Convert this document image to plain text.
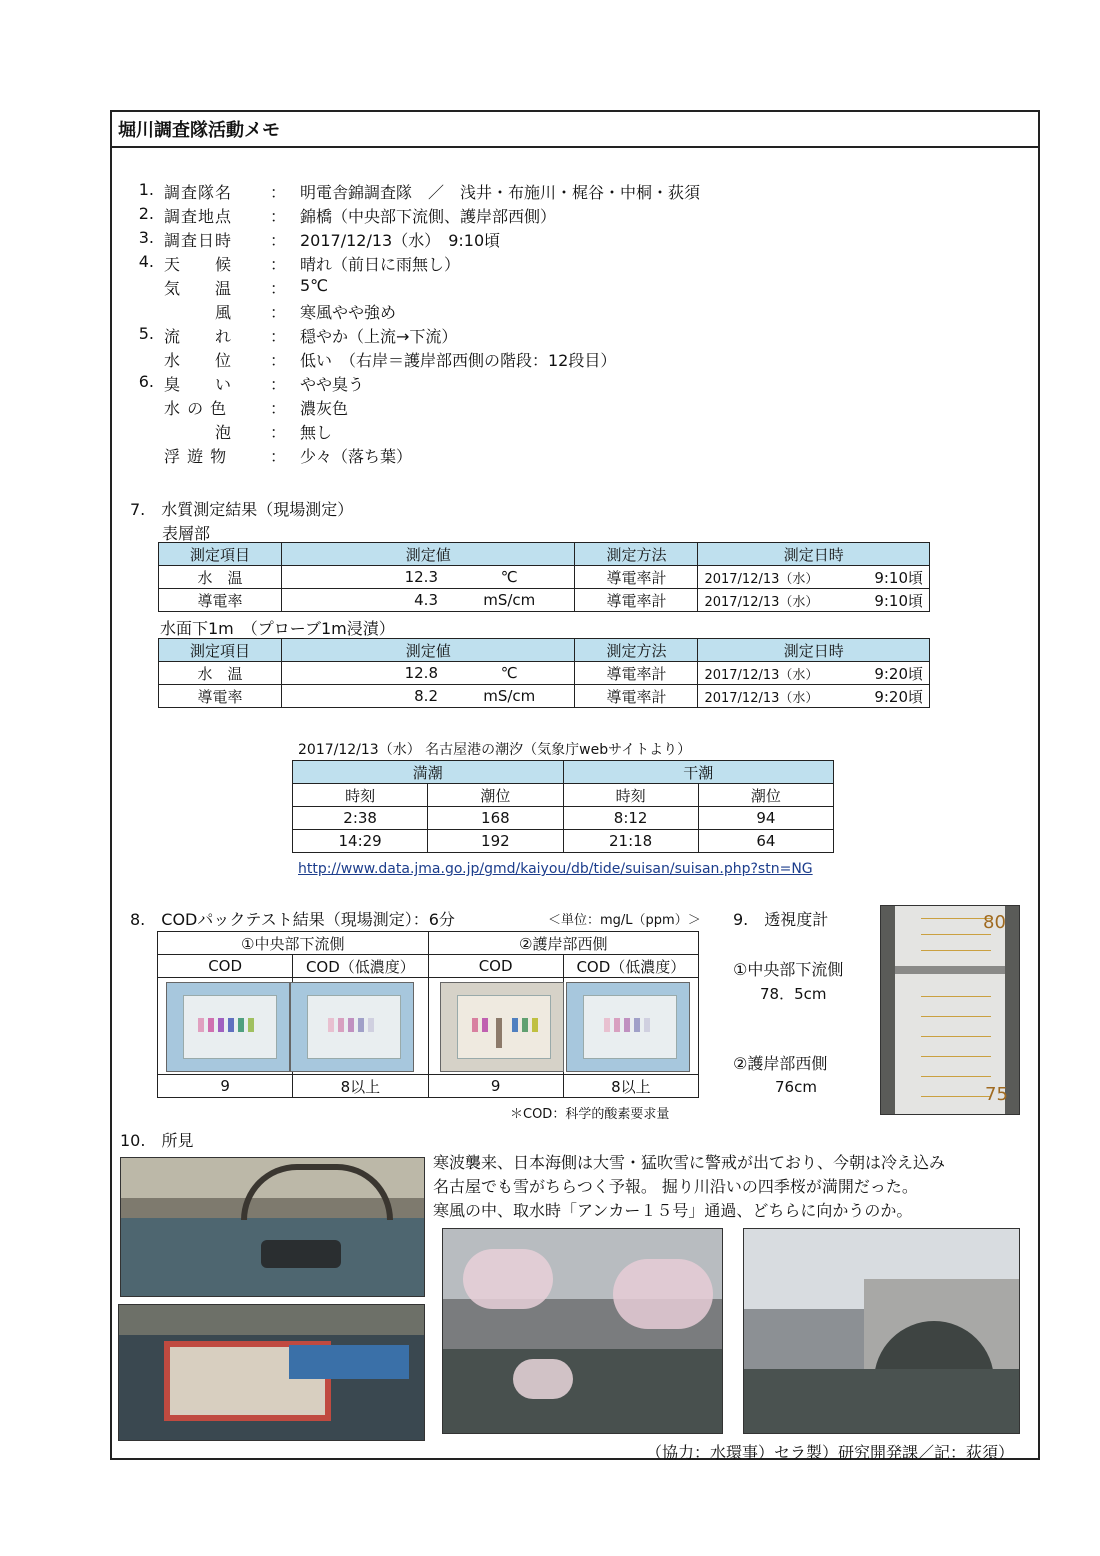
堀川調査隊活動メモ
1. 調査隊名	： 明電舎錦調査隊　／　浅井・布施川・梶谷・中桐・荻須
2. 調査地点	： 錦橋（中央部下流側、護岸部西側）
3. 調査日時	： 2017/12/13（水）　9:10頃
4. 天　　候	： 晴れ（前日に雨無し）
気　　温	： 5℃
　　　風	： 寒風やや強め
5. 流　　れ	： 穏やか（上流→下流）
水　　位	： 低い　（右岸＝護岸部西側の階段：12段目）
6. 臭　　い	： やや臭う
水 の 色	： 濃灰色
　　　泡	： 無し
浮 遊 物	： 少々（落ち葉）
7.　水質測定結果（現場測定）
表層部
測定項目	測定値		測定方法	測定日時	
水　温	12.3	℃	導電率計	2017/12/13（水）	9:10頃
導電率	4.3	mS/cm	導電率計	2017/12/13（水）	9:10頃
水面下1m　（プローブ1m浸漬）
測定項目	測定値		測定方法	測定日時	
水　温	12.8	℃	導電率計	2017/12/13（水）	9:20頃
導電率	8.2	mS/cm	導電率計	2017/12/13（水）	9:20頃
2017/12/13（水） 名古屋港の潮汐（気象庁webサイトより）
満潮		干潮	
時刻	潮位	時刻	潮位
2:38	168	8:12	94
14:29	192	21:18	64
http://www.data.jma.go.jp/gmd/kaiyou/db/tide/suisan/suisan.php?stn=NG
8.　CODパックテスト結果（現場測定）：6分	＜単位：mg/L（ppm）＞
①中央部下流側		②護岸部西側	
COD	COD（低濃度）	COD	COD（低濃度）

9	8以上	9	8以上
＊COD：科学的酸素要求量
9.　透視度計
①中央部下流側
78．5cm
②護岸部西側
76cm
80
75
10.　所見
寒波襲来、日本海側は大雪・猛吹雪に警戒が出ており、今朝は冷え込み
名古屋でも雪がちらつく予報。 掘り川沿いの四季桜が満開だった。
寒風の中、取水時「アンカー１５号」通過、どちらに向かうのか。
（協力：水環事）セラ製）研究開発課／記：荻須）
